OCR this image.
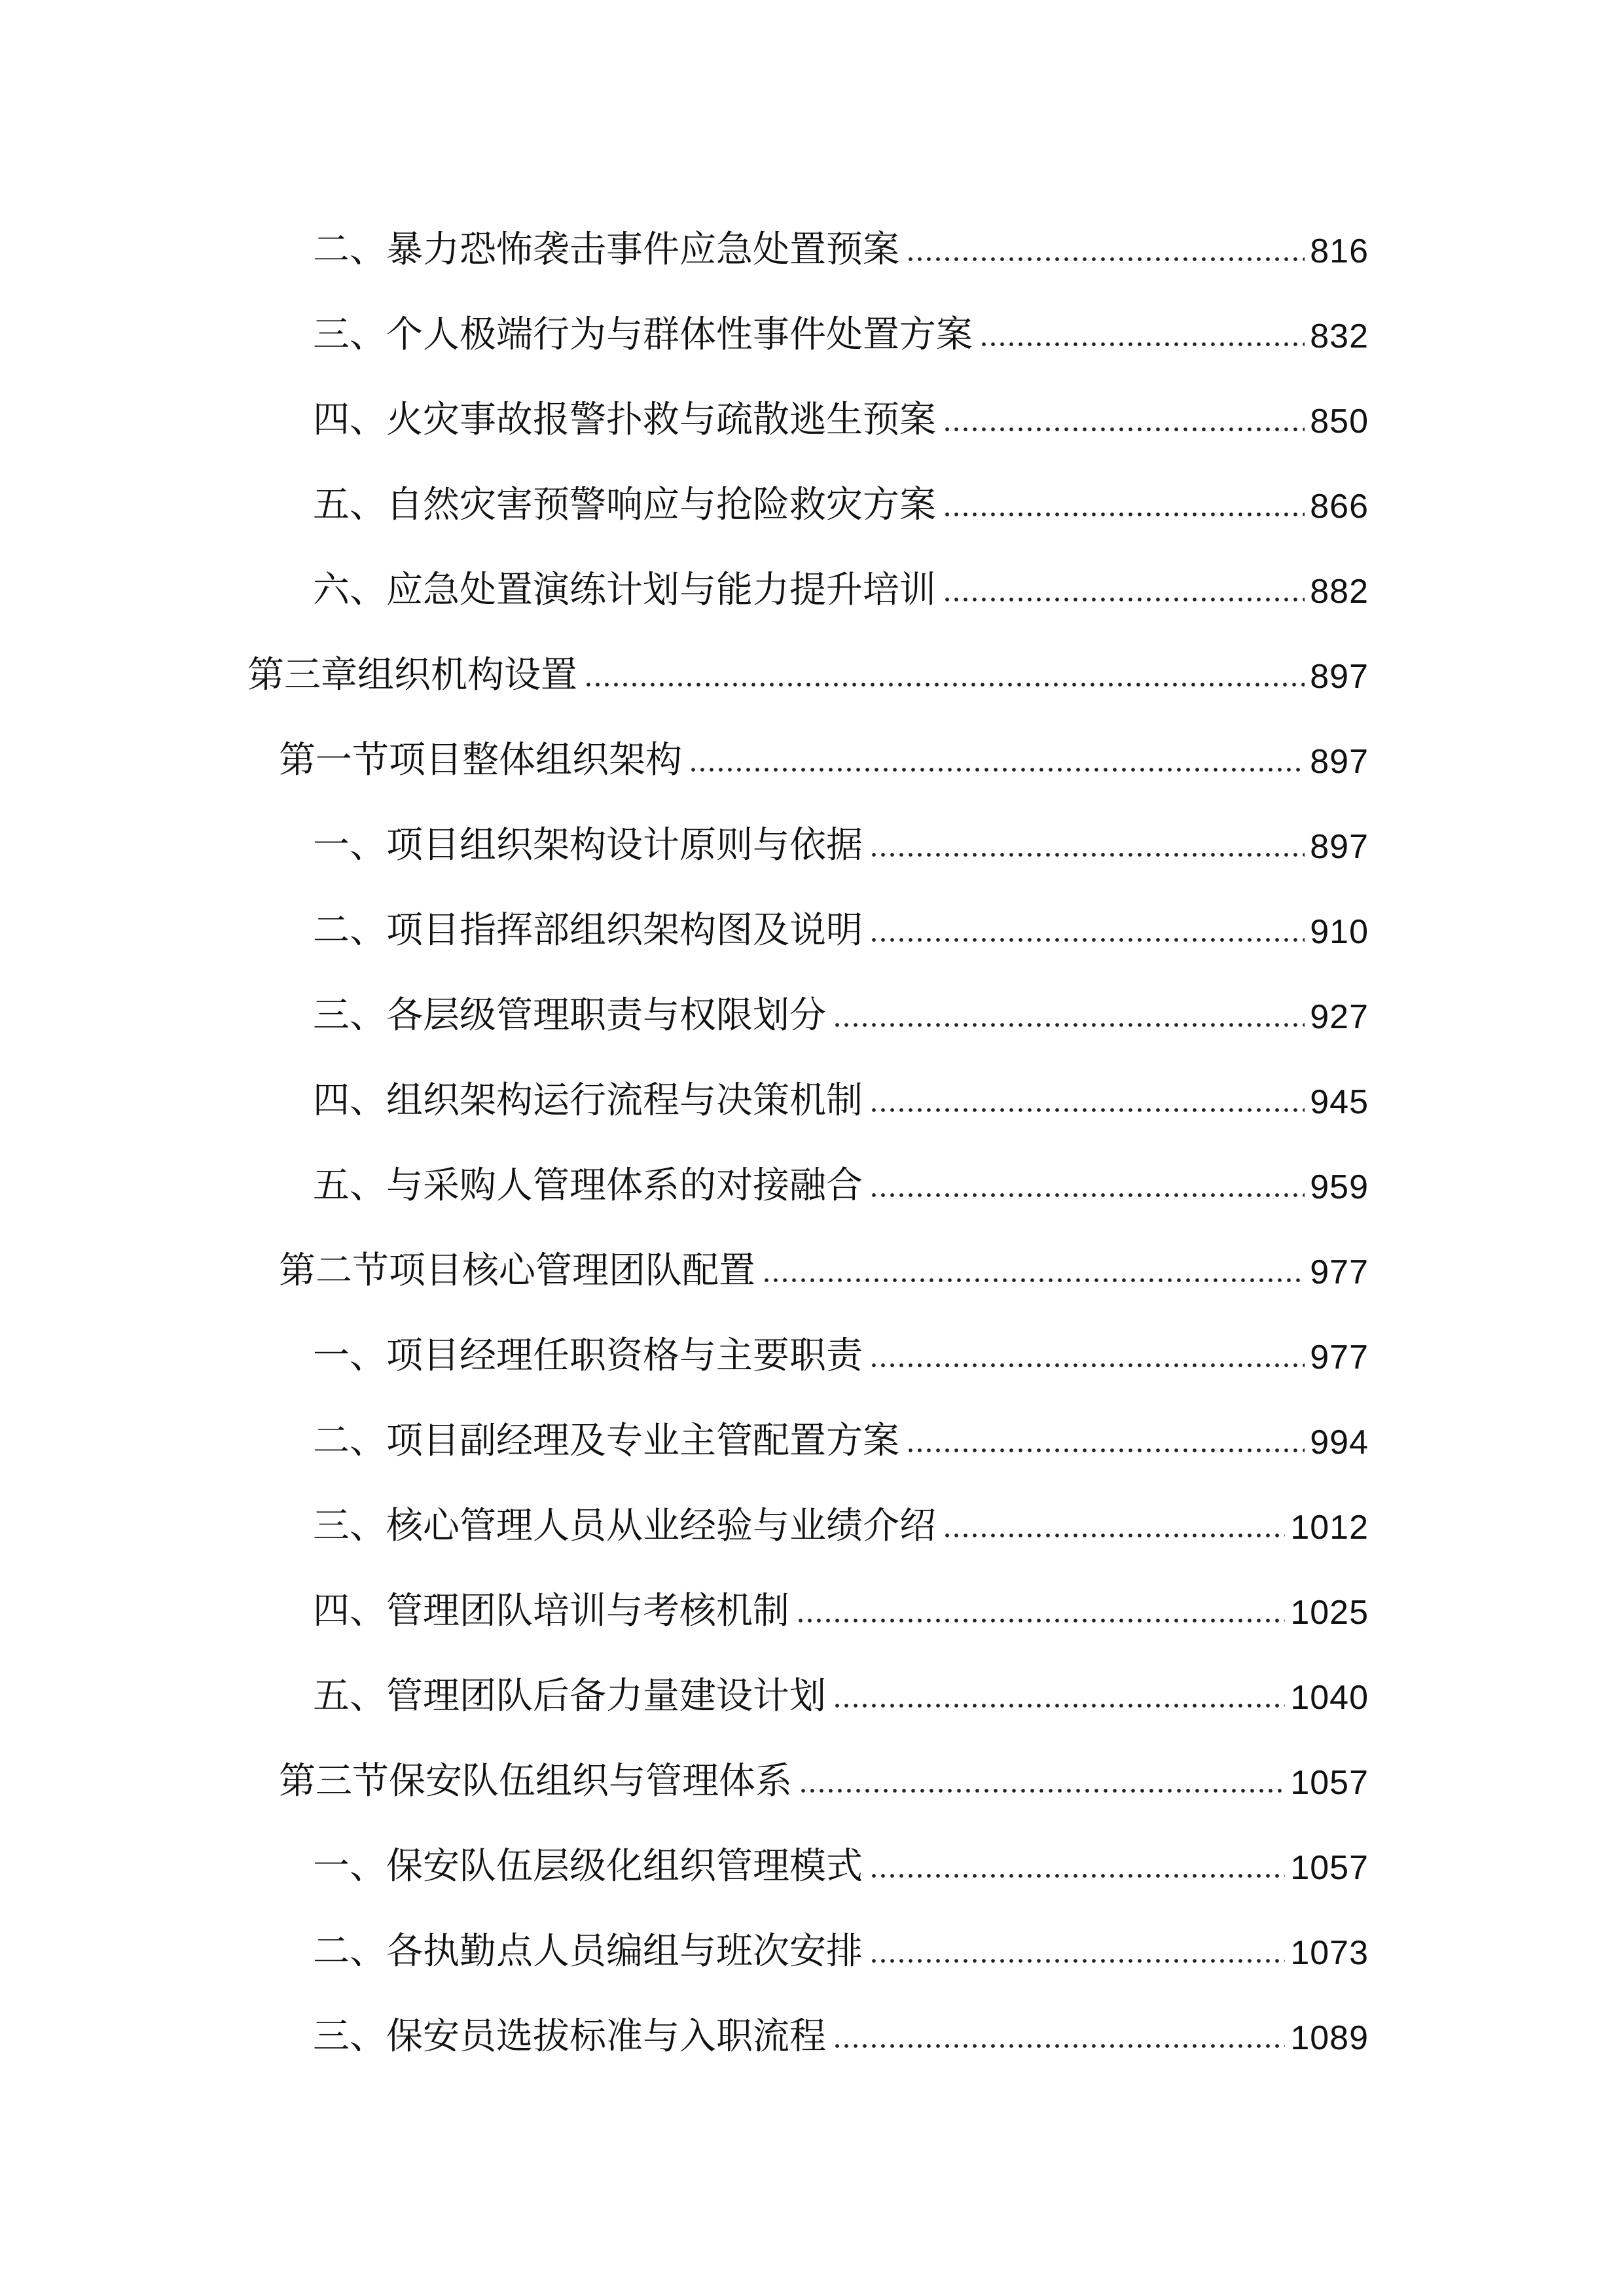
二、暴力恐怖袭击事件应急处置预案	816
三、个人极端行为与群体性事件处置方案	832
四、火灾事故报警扑救与疏散逃生预案	850
五、自然灾害预警响应与抢险救灾方案	866
六、应急处置演练计划与能力提升培训	882
第三章组织机构设置	897
第一节项目整体组织架构	897
一、项目组织架构设计原则与依据	897
二、项目指挥部组织架构图及说明	910
三、各层级管理职责与权限划分	927
四、组织架构运行流程与决策机制	945
五、与采购人管理体系的对接融合	959
第二节项目核心管理团队配置	977
一、项目经理任职资格与主要职责	977
二、项目副经理及专业主管配置方案	994
三、核心管理人员从业经验与业绩介绍	1012
四、管理团队培训与考核机制	1025
五、管理团队后备力量建设计划	1040
第三节保安队伍组织与管理体系	1057
一、保安队伍层级化组织管理模式	1057
二、各执勤点人员编组与班次安排	1073
三、保安员选拔标准与入职流程	1089
